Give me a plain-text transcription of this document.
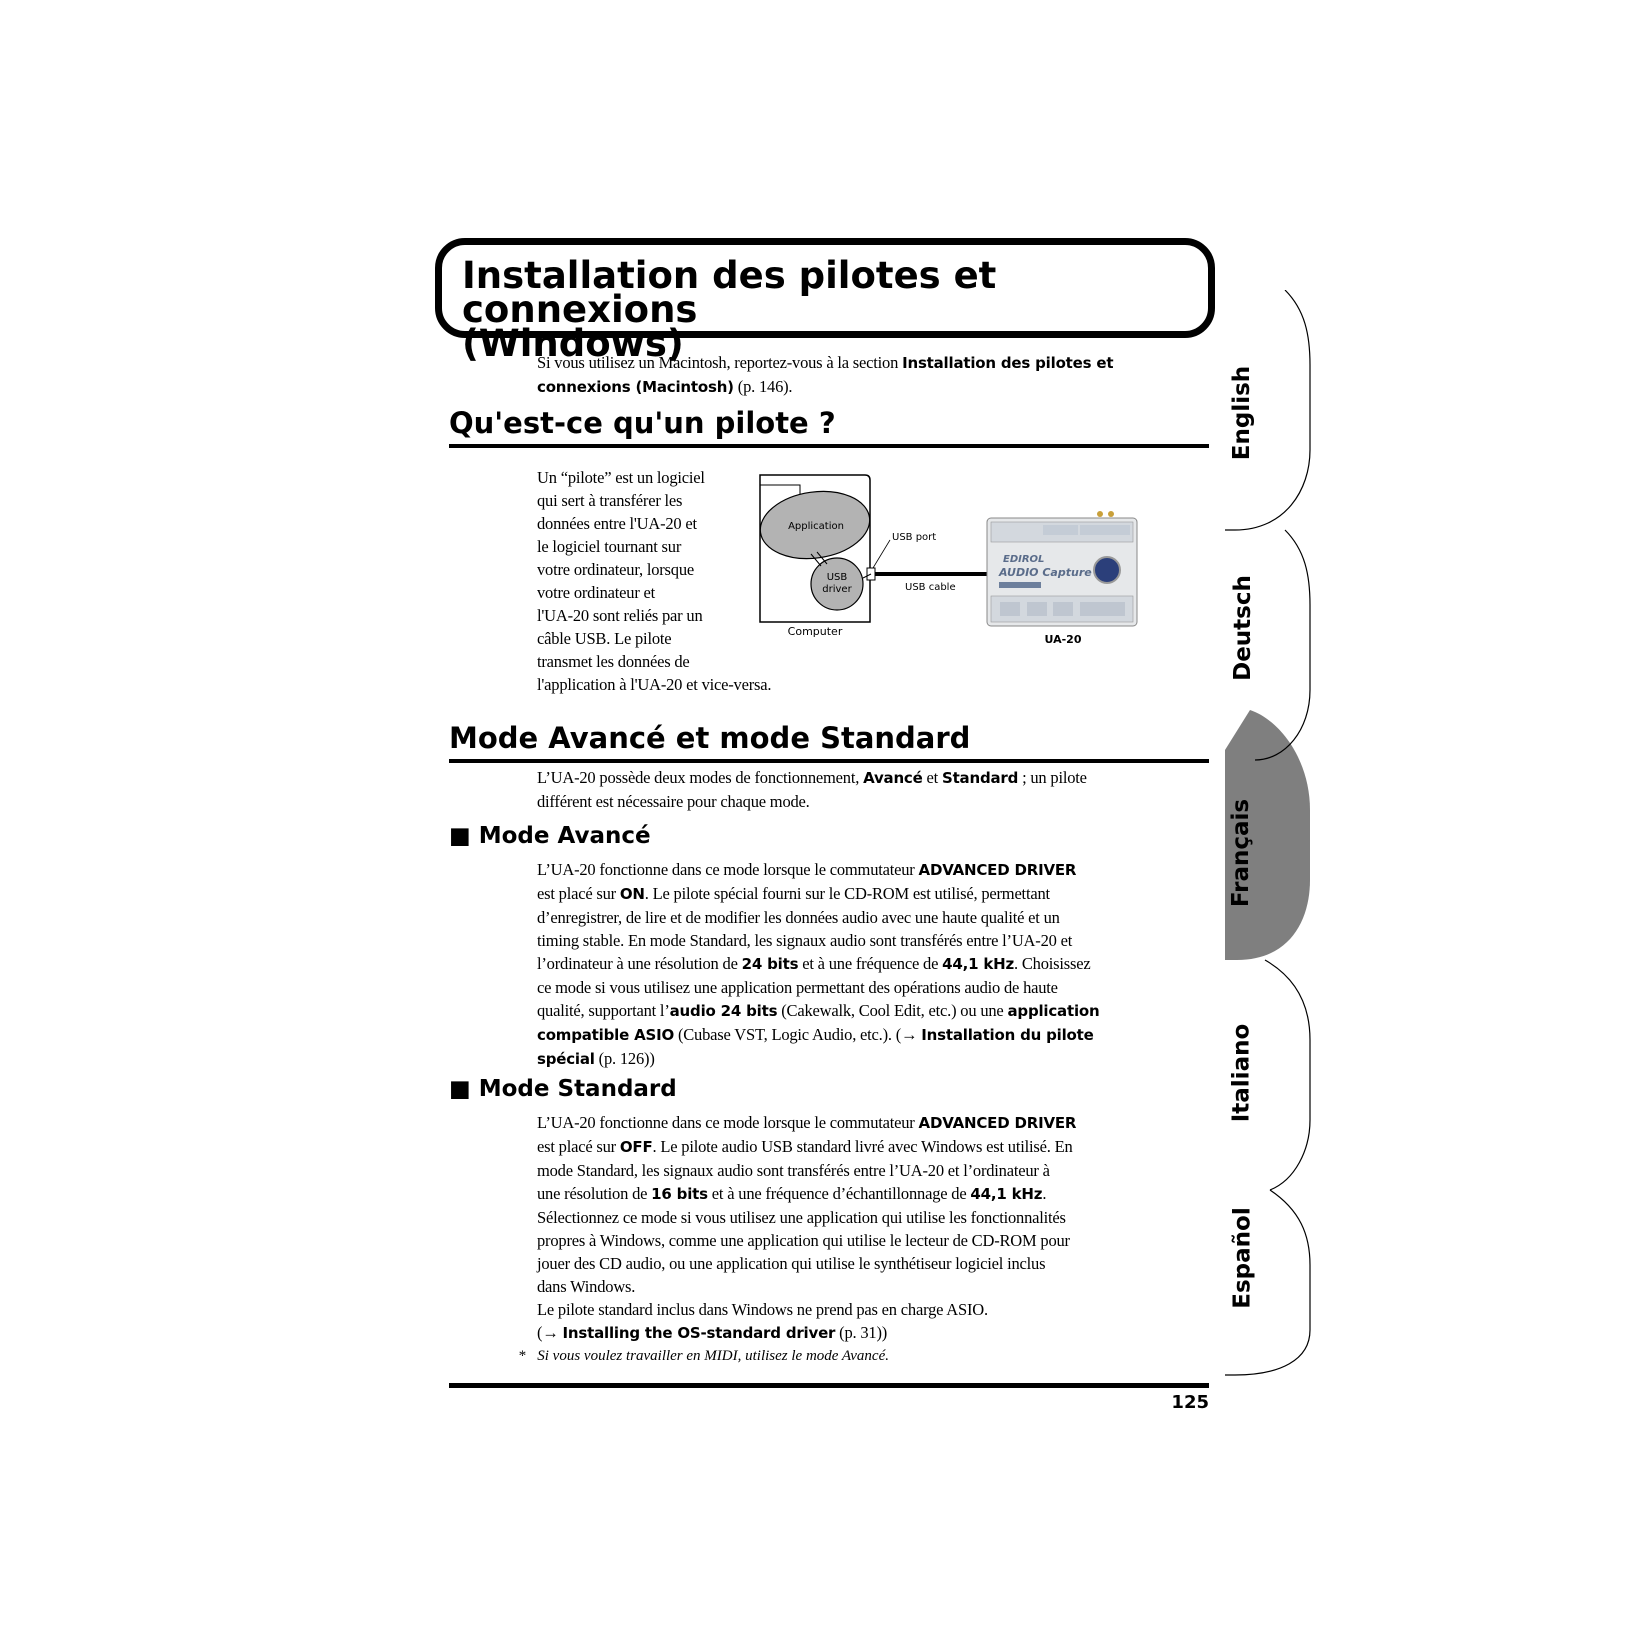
English
Deutsch
Français
Italiano
Español
Installation des pilotes et connexions
(Windows)
Si vous utilisez un Macintosh, reportez-vous à la section Installation des pilotes et
connexions (Macintosh) (p. 146).
Qu'est-ce qu'un pilote ?
Un “pilote” est un logiciel
qui sert à transférer les
données entre l'UA-20 et
le logiciel tournant sur
votre ordinateur, lorsque
votre ordinateur et
l'UA-20 sont reliés par un
câble USB. Le pilote
transmet les données de
l'application à l'UA-20 et vice-versa.
Application
USB
driver
USB port
USB cable
Computer
EDIROL
AUDIO Capture
UA-20
Mode Avancé et mode Standard
L’UA-20 possède deux modes de fonctionnement, Avancé et Standard ; un pilote
différent est nécessaire pour chaque mode.
■ Mode Avancé
L’UA-20 fonctionne dans ce mode lorsque le commutateur ADVANCED DRIVER
est placé sur ON. Le pilote spécial fourni sur le CD-ROM est utilisé, permettant
d’enregistrer, de lire et de modifier les données audio avec une haute qualité et un
timing stable. En mode Standard, les signaux audio sont transférés entre l’UA-20 et
l’ordinateur à une résolution de 24 bits et à une fréquence de 44,1 kHz. Choisissez
ce mode si vous utilisez une application permettant des opérations audio de haute
qualité, supportant l’audio 24 bits (Cakewalk, Cool Edit, etc.) ou une application
compatible ASIO (Cubase VST, Logic Audio, etc.). (→ Installation du pilote
spécial (p. 126))
■ Mode Standard
L’UA-20 fonctionne dans ce mode lorsque le commutateur ADVANCED DRIVER
est placé sur OFF. Le pilote audio USB standard livré avec Windows est utilisé. En
mode Standard, les signaux audio sont transférés entre l’UA-20 et l’ordinateur à
une résolution de 16 bits et à une fréquence d’échantillonnage de 44,1 kHz.
Sélectionnez ce mode si vous utilisez une application qui utilise les fonctionnalités
propres à Windows, comme une application qui utilise le lecteur de CD-ROM pour
jouer des CD audio, ou une application qui utilise le synthétiseur logiciel inclus
dans Windows.
Le pilote standard inclus dans Windows ne prend pas en charge ASIO.
(→ Installing the OS-standard driver (p. 31))
* Si vous voulez travailler en MIDI, utilisez le mode Avancé.
125
